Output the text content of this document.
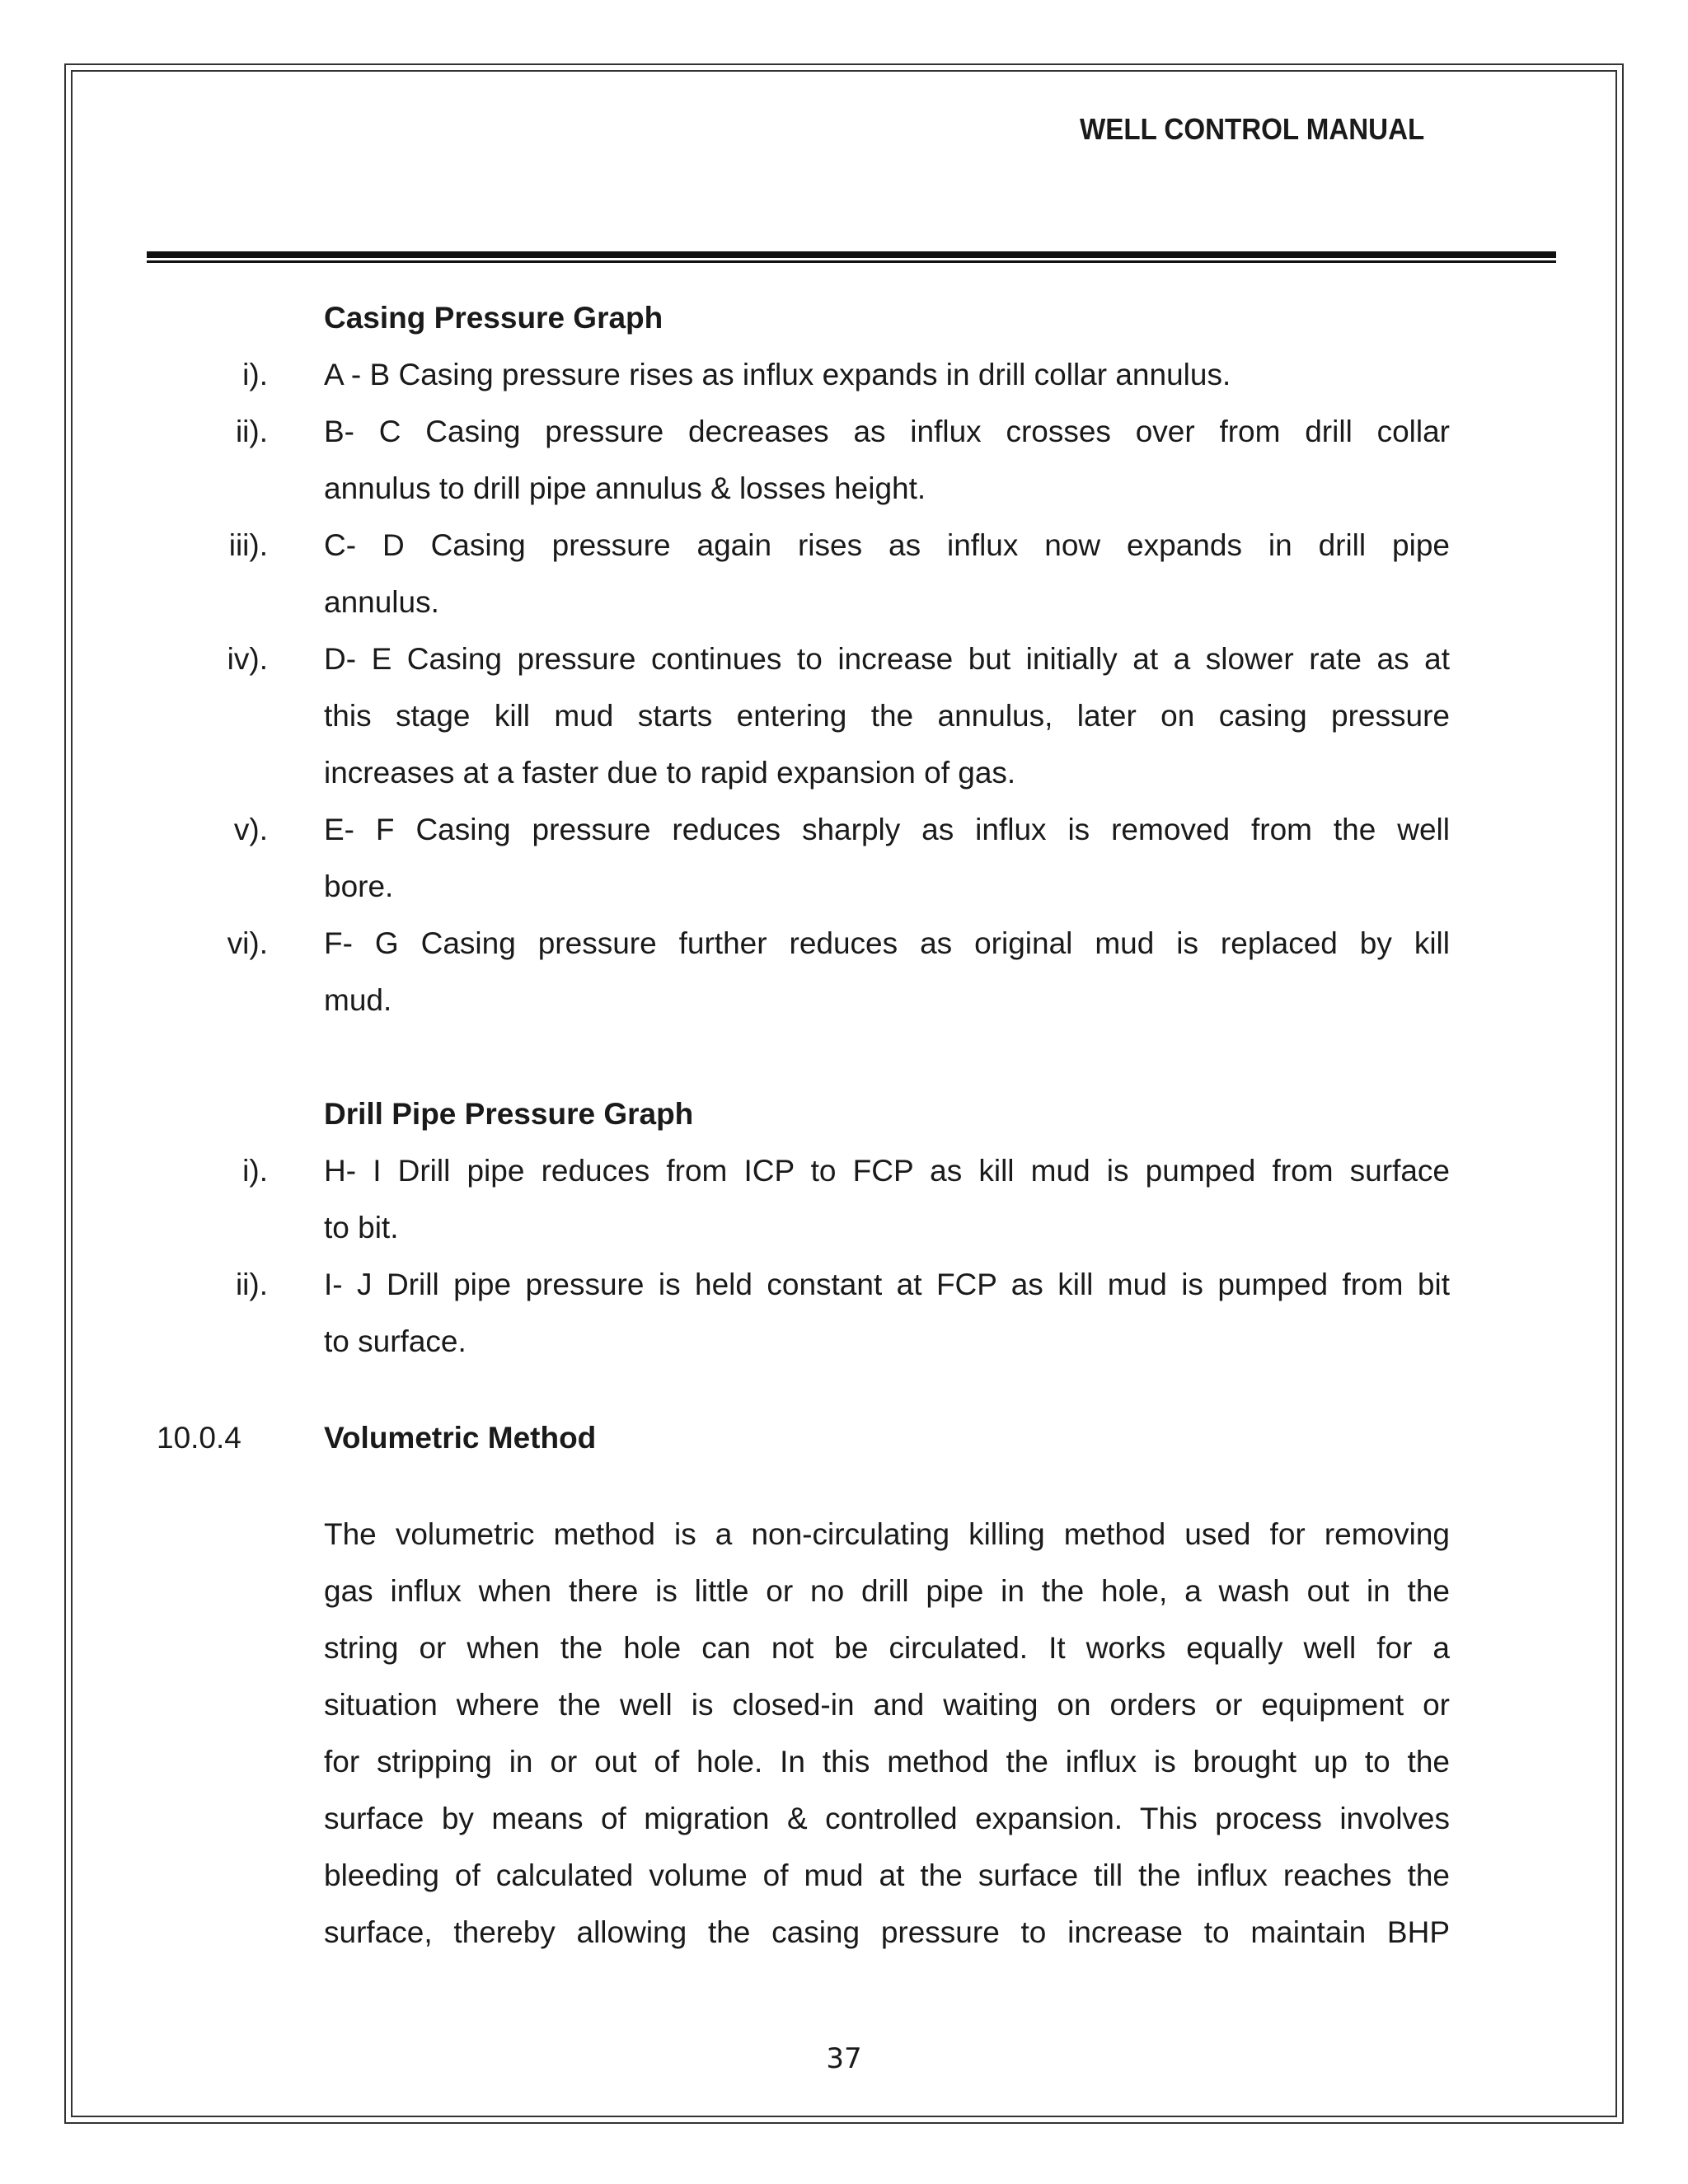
WELL CONTROL MANUAL
Casing Pressure Graph
i). A - B Casing pressure rises as influx expands in drill collar annulus.
ii). B- C Casing pressure decreases as influx crosses over from drill collar
annulus to drill pipe annulus & losses height.
iii). C- D Casing pressure again rises as influx now expands in drill pipe
annulus.
iv). D- E Casing pressure continues to increase but initially at a slower rate as at
this stage kill mud starts entering the annulus, later on casing pressure
increases at a faster due to rapid expansion of gas.
v). E- F Casing pressure reduces sharply as influx is removed from the well
bore.
vi). F- G Casing pressure further reduces as original mud is replaced by kill
mud.
Drill Pipe Pressure Graph
i). H- I Drill pipe reduces from ICP to FCP as kill mud is pumped from surface
to bit.
ii). I- J Drill pipe pressure is held constant at FCP as kill mud is pumped from bit
to surface.
10.0.4	Volumetric Method
The volumetric method is a non-circulating killing method used for removing
gas influx when there is little or no drill pipe in the hole, a wash out in the
string or when the hole can not be circulated. It works equally well for a
situation where the well is closed-in and waiting on orders or equipment or
for stripping in or out of hole. In this method the influx is brought up to the
surface by means of migration & controlled expansion. This process involves
bleeding of calculated volume of mud at the surface till the influx reaches the
surface, thereby allowing the casing pressure to increase to maintain BHP
37
